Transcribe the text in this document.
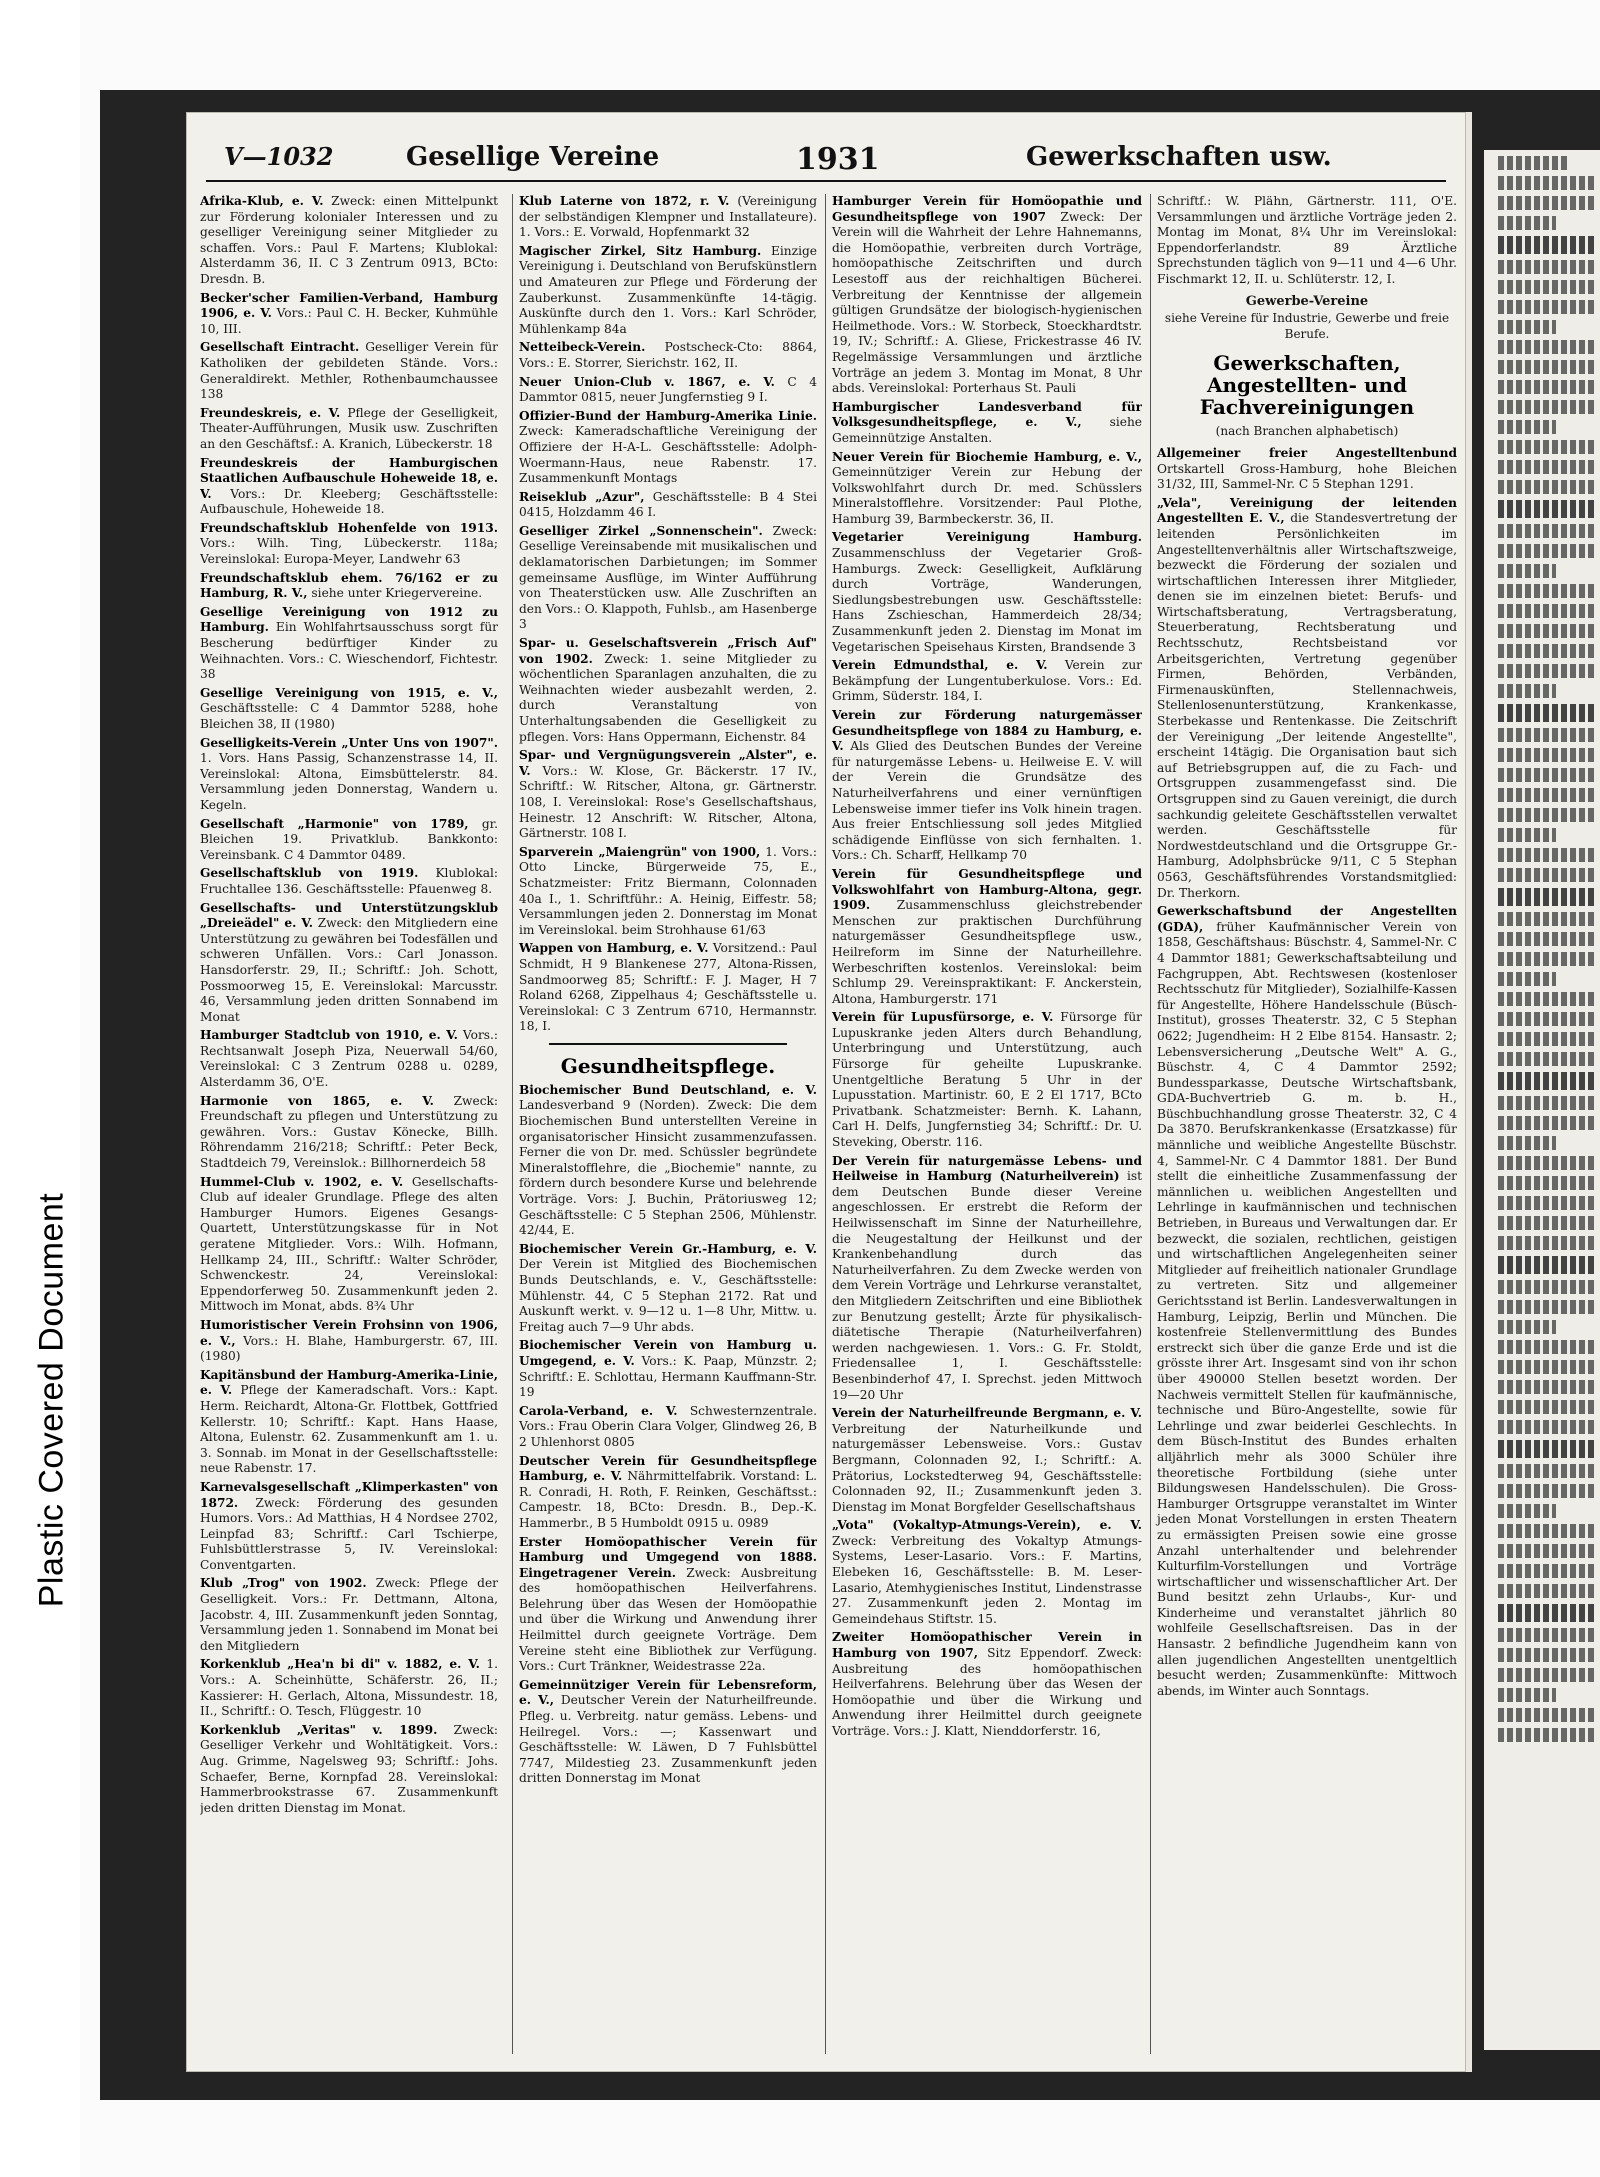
Plastic Covered Document
V—1032	Gesellige Vereine	1931	Gewerkschaften usw.

Afrika-Klub, e. V. Zweck: einen Mittelpunkt zur Förderung kolonialer Interessen und zu geselliger Vereinigung seiner Mitglieder zu schaffen. Vors.: Paul F. Martens; Klublokal: Alsterdamm 36, II. C 3 Zentrum 0913, BCto: Dresdn. B.

Becker'scher Familien-Verband, Hamburg 1906, e. V. Vors.: Paul C. H. Becker, Kuhmühle 10, III.

Gesellschaft Eintracht. Geselliger Verein für Katholiken der gebildeten Stände. Vors.: Generaldirekt. Methler, Rothenbaumchaussee 138

Freundeskreis, e. V. Pflege der Geselligkeit, Theater-Aufführungen, Musik usw. Zuschriften an den Geschäftsf.: A. Kranich, Lübeckerstr. 18

Freundeskreis der Hamburgischen Staatlichen Aufbauschule Hoheweide 18, e. V. Vors.: Dr. Kleeberg; Geschäftsstelle: Aufbauschule, Hoheweide 18.

Freundschaftsklub Hohenfelde von 1913. Vors.: Wilh. Ting, Lübeckerstr. 118a; Vereinslokal: Europa-Meyer, Landwehr 63

Freundschaftsklub ehem. 76/162 er zu Hamburg, R. V., siehe unter Kriegervereine.

Gesellige Vereinigung von 1912 zu Hamburg. Ein Wohlfahrtsausschuss sorgt für Bescherung bedürftiger Kinder zu Weihnachten. Vors.: C. Wieschendorf, Fichtestr. 38

Gesellige Vereinigung von 1915, e. V., Geschäftsstelle: C 4 Dammtor 5288, hohe Bleichen 38, II (1980)

Geselligkeits-Verein „Unter Uns von 1907". 1. Vors. Hans Passig, Schanzenstrasse 14, II. Vereinslokal: Altona, Eimsbüttelerstr. 84. Versammlung jeden Donnerstag, Wandern u. Kegeln.

Gesellschaft „Harmonie" von 1789, gr. Bleichen 19. Privatklub. Bankkonto: Vereinsbank. C 4 Dammtor 0489.

Gesellschaftsklub von 1919. Klublokal: Fruchtallee 136. Geschäftsstelle: Pfauenweg 8.

Gesellschafts- und Unterstützungsklub „Dreieädel" e. V. Zweck: den Mitgliedern eine Unterstützung zu gewähren bei Todesfällen und schweren Unfällen. Vors.: Carl Jonasson. Hansdorferstr. 29, II.; Schriftf.: Joh. Schott, Possmoorweg 15, E. Vereinslokal: Marcusstr. 46, Versammlung jeden dritten Sonnabend im Monat

Hamburger Stadtclub von 1910, e. V. Vors.: Rechtsanwalt Joseph Piza, Neuerwall 54/60, Vereinslokal: C 3 Zentrum 0288 u. 0289, Alsterdamm 36, O'E.

Harmonie von 1865, e. V. Zweck: Freundschaft zu pflegen und Unterstützung zu gewähren. Vors.: Gustav Könecke, Billh. Röhrendamm 216/218; Schriftf.: Peter Beck, Stadtdeich 79, Vereinslok.: Billhornerdeich 58

Hummel-Club v. 1902, e. V. Gesellschafts-Club auf idealer Grundlage. Pflege des alten Hamburger Humors. Eigenes Gesangs-Quartett, Unterstützungskasse für in Not geratene Mitglieder. Vors.: Wilh. Hofmann, Hellkamp 24, III., Schriftf.: Walter Schröder, Schwenckestr. 24, Vereinslokal: Eppendorferweg 50. Zusammenkunft jeden 2. Mittwoch im Monat, abds. 8¾ Uhr

Humoristischer Verein Frohsinn von 1906, e. V., Vors.: H. Blahe, Hamburgerstr. 67, III. (1980)

Kapitänsbund der Hamburg-Amerika-Linie, e. V. Pflege der Kameradschaft. Vors.: Kapt. Herm. Reichardt, Altona-Gr. Flottbek, Gottfried Kellerstr. 10; Schriftf.: Kapt. Hans Haase, Altona, Eulenstr. 62. Zusammenkunft am 1. u. 3. Sonnab. im Monat in der Gesellschaftsstelle: neue Rabenstr. 17.

Karnevalsgesellschaft „Klimperkasten" von 1872. Zweck: Förderung des gesunden Humors. Vors.: Ad Matthias, H 4 Nordsee 2702, Leinpfad 83; Schriftf.: Carl Tschierpe, Fuhlsbüttlerstrasse 5, IV. Vereinslokal: Conventgarten.

Klub „Trog" von 1902. Zweck: Pflege der Geselligkeit. Vors.: Fr. Dettmann, Altona, Jacobstr. 4, III. Zusammenkunft jeden Sonntag, Versammlung jeden 1. Sonnabend im Monat bei den Mitgliedern

Korkenklub „Hea'n bi di" v. 1882, e. V. 1. Vors.: A. Scheinhütte, Schäferstr. 26, II.; Kassierer: H. Gerlach, Altona, Missundestr. 18, II., Schriftf.: O. Tesch, Flüggestr. 10

Korkenklub „Veritas" v. 1899. Zweck: Geselliger Verkehr und Wohltätigkeit. Vors.: Aug. Grimme, Nagelsweg 93; Schriftf.: Johs. Schaefer, Berne, Kornpfad 28. Vereinslokal: Hammerbrookstrasse 67. Zusammenkunft jeden dritten Dienstag im Monat.

Klub Laterne von 1872, r. V. (Vereinigung der selbständigen Klempner und Installateure). 1. Vors.: E. Vorwald, Hopfenmarkt 32

Magischer Zirkel, Sitz Hamburg. Einzige Vereinigung i. Deutschland von Berufskünstlern und Amateuren zur Pflege und Förderung der Zauberkunst. Zusammenkünfte 14-tägig. Auskünfte durch den 1. Vors.: Karl Schröder, Mühlenkamp 84a

Netteibeck-Verein. Postscheck-Cto: 8864, Vors.: E. Storrer, Sierichstr. 162, II.

Neuer Union-Club v. 1867, e. V. C 4 Dammtor 0815, neuer Jungfernstieg 9 I.

Offizier-Bund der Hamburg-Amerika Linie. Zweck: Kameradschaftliche Vereinigung der Offiziere der H-A-L. Geschäftsstelle: Adolph-Woermann-Haus, neue Rabenstr. 17. Zusammenkunft Montags

Reiseklub „Azur", Geschäftsstelle: B 4 Stei 0415, Holzdamm 46 I.

Geselliger Zirkel „Sonnenschein". Zweck: Gesellige Vereinsabende mit musikalischen und deklamatorischen Darbietungen; im Sommer gemeinsame Ausflüge, im Winter Aufführung von Theaterstücken usw. Alle Zuschriften an den Vors.: O. Klappoth, Fuhlsb., am Hasenberge 3

Spar- u. Geselschaftsverein „Frisch Auf" von 1902. Zweck: 1. seine Mitglieder zu wöchentlichen Sparanlagen anzuhalten, die zu Weihnachten wieder ausbezahlt werden, 2. durch Veranstaltung von Unterhaltungsabenden die Geselligkeit zu pflegen. Vors: Hans Oppermann, Eichenstr. 84

Spar- und Vergnügungsverein „Alster", e. V. Vors.: W. Klose, Gr. Bäckerstr. 17 IV., Schriftf.: W. Ritscher, Altona, gr. Gärtnerstr. 108, I. Vereinslokal: Rose's Gesellschaftshaus, Heinestr. 12 Anschrift: W. Ritscher, Altona, Gärtnerstr. 108 I.

Sparverein „Maiengrün" von 1900, 1. Vors.: Otto Lincke, Bürgerweide 75, E., Schatzmeister: Fritz Biermann, Colonnaden 40a I., 1. Schriftführ.: A. Heinig, Eiffestr. 58; Versammlungen jeden 2. Donnerstag im Monat im Vereinslokal. beim Strohhause 61/63

Wappen von Hamburg, e. V. Vorsitzend.: Paul Schmidt, H 9 Blankenese 277, Altona-Rissen, Sandmoorweg 85; Schriftf.: F. J. Mager, H 7 Roland 6268, Zippelhaus 4; Geschäftsstelle u. Vereinslokal: C 3 Zentrum 6710, Hermannstr. 18, I.

Gesundheitspflege.

Biochemischer Bund Deutschland, e. V. Landesverband 9 (Norden). Zweck: Die dem Biochemischen Bund unterstellten Vereine in organisatorischer Hinsicht zusammenzufassen. Ferner die von Dr. med. Schüssler begründete Mineralstofflehre, die „Biochemie" nannte, zu fördern durch besondere Kurse und belehrende Vorträge. Vors: J. Buchin, Prätoriusweg 12; Geschäftsstelle: C 5 Stephan 2506, Mühlenstr. 42/44, E.

Biochemischer Verein Gr.-Hamburg, e. V. Der Verein ist Mitglied des Biochemischen Bunds Deutschlands, e. V., Geschäftsstelle: Mühlenstr. 44, C 5 Stephan 2172. Rat und Auskunft werkt. v. 9—12 u. 1—8 Uhr, Mittw. u. Freitag auch 7—9 Uhr abds.

Biochemischer Verein von Hamburg u. Umgegend, e. V. Vors.: K. Paap, Münzstr. 2; Schriftf.: E. Schlottau, Hermann Kauffmann-Str. 19

Carola-Verband, e. V. Schwesternzentrale. Vors.: Frau Oberin Clara Volger, Glindweg 26, B 2 Uhlenhorst 0805

Deutscher Verein für Gesundheitspflege Hamburg, e. V. Nährmittelfabrik. Vorstand: L. R. Conradi, H. Roth, F. Reinken, Geschäftsst.: Campestr. 18, BCto: Dresdn. B., Dep.-K. Hammerbr., B 5 Humboldt 0915 u. 0989

Erster Homöopathischer Verein für Hamburg und Umgegend von 1888. Eingetragener Verein. Zweck: Ausbreitung des homöopathischen Heilverfahrens. Belehrung über das Wesen der Homöopathie und über die Wirkung und Anwendung ihrer Heilmittel durch geeignete Vorträge. Dem Vereine steht eine Bibliothek zur Verfügung. Vors.: Curt Tränkner, Weidestrasse 22a.

Gemeinnütziger Verein für Lebensreform, e. V., Deutscher Verein der Naturheilfreunde. Pfleg. u. Verbreitg. natur gemäss. Lebens- und Heilregel. Vors.: —; Kassenwart und Geschäftsstelle: W. Läwen, D 7 Fuhlsbüttel 7747, Mildestieg 23. Zusammenkunft jeden dritten Donnerstag im Monat

Hamburger Verein für Homöopathie und Gesundheitspflege von 1907 Zweck: Der Verein will die Wahrheit der Lehre Hahnemanns, die Homöopathie, verbreiten durch Vorträge, homöopathische Zeitschriften und durch Lesestoff aus der reichhaltigen Bücherei. Verbreitung der Kenntnisse der allgemein gültigen Grundsätze der biologisch-hygienischen Heilmethode. Vors.: W. Storbeck, Stoeckhardtstr. 19, IV.; Schriftf.: A. Gliese, Frickestrasse 46 IV. Regelmässige Versammlungen und ärztliche Vorträge an jedem 3. Montag im Monat, 8 Uhr abds. Vereinslokal: Porterhaus St. Pauli

Hamburgischer Landesverband für Volksgesundheitspflege, e. V., siehe Gemeinnützige Anstalten.

Neuer Verein für Biochemie Hamburg, e. V., Gemeinnütziger Verein zur Hebung der Volkswohlfahrt durch Dr. med. Schüsslers Mineralstofflehre. Vorsitzender: Paul Plothe, Hamburg 39, Barmbeckerstr. 36, II.

Vegetarier Vereinigung Hamburg. Zusammenschluss der Vegetarier Groß-Hamburgs. Zweck: Geselligkeit, Aufklärung durch Vorträge, Wanderungen, Siedlungsbestrebungen usw. Geschäftsstelle: Hans Zschieschan, Hammerdeich 28/34; Zusammenkunft jeden 2. Dienstag im Monat im Vegetarischen Speisehaus Kirsten, Brandsende 3

Verein Edmundsthal, e. V. Verein zur Bekämpfung der Lungentuberkulose. Vors.: Ed. Grimm, Süderstr. 184, I.

Verein zur Förderung naturgemässer Gesundheitspflege von 1884 zu Hamburg, e. V. Als Glied des Deutschen Bundes der Vereine für naturgemässe Lebens- u. Heilweise E. V. will der Verein die Grundsätze des Naturheilverfahrens und einer vernünftigen Lebensweise immer tiefer ins Volk hinein tragen. Aus freier Entschliessung soll jedes Mitglied schädigende Einflüsse von sich fernhalten. 1. Vors.: Ch. Scharff, Hellkamp 70

Verein für Gesundheitspflege und Volkswohlfahrt von Hamburg-Altona, gegr. 1909. Zusammenschluss gleichstrebender Menschen zur praktischen Durchführung naturgemässer Gesundheitspflege usw., Heilreform im Sinne der Naturheillehre. Werbeschriften kostenlos. Vereinslokal: beim Schlump 29. Vereinspraktikant: F. Anckerstein, Altona, Hamburgerstr. 171

Verein für Lupusfürsorge, e. V. Fürsorge für Lupuskranke jeden Alters durch Behandlung, Unterbringung und Unterstützung, auch Fürsorge für geheilte Lupuskranke. Unentgeltliche Beratung 5 Uhr in der Lupusstation. Martinistr. 60, E 2 El 1717, BCto Privatbank. Schatzmeister: Bernh. K. Lahann, Carl H. Delfs, Jungfernstieg 34; Schriftf.: Dr. U. Steveking, Oberstr. 116.

Der Verein für naturgemässe Lebens- und Heilweise in Hamburg (Naturheilverein) ist dem Deutschen Bunde dieser Vereine angeschlossen. Er erstrebt die Reform der Heilwissenschaft im Sinne der Naturheillehre, die Neugestaltung der Heilkunst und der Krankenbehandlung durch das Naturheilverfahren. Zu dem Zwecke werden von dem Verein Vorträge und Lehrkurse veranstaltet, den Mitgliedern Zeitschriften und eine Bibliothek zur Benutzung gestellt; Ärzte für physikalisch-diätetische Therapie (Naturheilverfahren) werden nachgewiesen. 1. Vors.: G. Fr. Stoldt, Friedensallee 1, I. Geschäftsstelle: Besenbinderhof 47, I. Sprechst. jeden Mittwoch 19—20 Uhr

Verein der Naturheilfreunde Bergmann, e. V. Verbreitung der Naturheilkunde und naturgemässer Lebensweise. Vors.: Gustav Bergmann, Colonnaden 92, I.; Schriftf.: A. Prätorius, Lockstedterweg 94, Geschäftsstelle: Colonnaden 92, II.; Zusammenkunft jeden 3. Dienstag im Monat Borgfelder Gesellschaftshaus

„Vota" (Vokaltyp-Atmungs-Verein), e. V. Zweck: Verbreitung des Vokaltyp Atmungs-Systems, Leser-Lasario. Vors.: F. Martins, Elebeken 16, Geschäftsstelle: B. M. Leser-Lasario, Atemhygienisches Institut, Lindenstrasse 27. Zusammenkunft jeden 2. Montag im Gemeindehaus Stiftstr. 15.

Zweiter Homöopathischer Verein in Hamburg von 1907, Sitz Eppendorf. Zweck: Ausbreitung des homöopathischen Heilverfahrens. Belehrung über das Wesen der Homöopathie und über die Wirkung und Anwendung ihrer Heilmittel durch geeignete Vorträge. Vors.: J. Klatt, Nienddorferstr. 16,

Schriftf.: W. Plähn, Gärtnerstr. 111, O'E. Versammlungen und ärztliche Vorträge jeden 2. Montag im Monat, 8¼ Uhr im Vereinslokal: Eppendorferlandstr. 89 Ärztliche Sprechstunden täglich von 9—11 und 4—6 Uhr. Fischmarkt 12, II. u. Schlüterstr. 12, I.

Gewerbe-Vereine
siehe Vereine für Industrie, Gewerbe und freie Berufe.
Gewerkschaften, Angestellten- und Fachvereinigungen
(nach Branchen alphabetisch)

Allgemeiner freier Angestelltenbund Ortskartell Gross-Hamburg, hohe Bleichen 31/32, III, Sammel-Nr. C 5 Stephan 1291.

„Vela", Vereinigung der leitenden Angestellten E. V., die Standesvertretung der leitenden Persönlichkeiten im Angestelltenverhältnis aller Wirtschaftszweige, bezweckt die Förderung der sozialen und wirtschaftlichen Interessen ihrer Mitglieder, denen sie im einzelnen bietet: Berufs- und Wirtschaftsberatung, Vertragsberatung, Steuerberatung, Rechtsberatung und Rechtsschutz, Rechtsbeistand vor Arbeitsgerichten, Vertretung gegenüber Firmen, Behörden, Verbänden, Firmenauskünften, Stellennachweis, Stellenlosenunterstützung, Krankenkasse, Sterbekasse und Rentenkasse. Die Zeitschrift der Vereinigung „Der leitende Angestellte", erscheint 14tägig. Die Organisation baut sich auf Betriebsgruppen auf, die zu Fach- und Ortsgruppen zusammengefasst sind. Die Ortsgruppen sind zu Gauen vereinigt, die durch sachkundig geleitete Geschäftsstellen verwaltet werden. Geschäftsstelle für Nordwestdeutschland und die Ortsgruppe Gr.-Hamburg, Adolphsbrücke 9/11, C 5 Stephan 0563, Geschäftsführendes Vorstandsmitglied: Dr. Therkorn.

Gewerkschaftsbund der Angestellten (GDA), früher Kaufmännischer Verein von 1858, Geschäftshaus: Büschstr. 4, Sammel-Nr. C 4 Dammtor 1881; Gewerkschaftsabteilung und Fachgruppen, Abt. Rechtswesen (kostenloser Rechtsschutz für Mitglieder), Sozialhilfe-Kassen für Angestellte, Höhere Handelsschule (Büsch-Institut), grosses Theaterstr. 32, C 5 Stephan 0622; Jugendheim: H 2 Elbe 8154. Hansastr. 2; Lebensversicherung „Deutsche Welt" A. G., Büschstr. 4, C 4 Dammtor 2592; Bundessparkasse, Deutsche Wirtschaftsbank, GDA-Buchvertrieb G. m. b. H., Büschbuchhandlung grosse Theaterstr. 32, C 4 Da 3870. Berufskrankenkasse (Ersatzkasse) für männliche und weibliche Angestellte Büschstr. 4, Sammel-Nr. C 4 Dammtor 1881. Der Bund stellt die einheitliche Zusammenfassung der männlichen u. weiblichen Angestellten und Lehrlinge in kaufmännischen und technischen Betrieben, in Bureaus und Verwaltungen dar. Er bezweckt, die sozialen, rechtlichen, geistigen und wirtschaftlichen Angelegenheiten seiner Mitglieder auf freiheitlich nationaler Grundlage zu vertreten. Sitz und allgemeiner Gerichtsstand ist Berlin. Landesverwaltungen in Hamburg, Leipzig, Berlin und München. Die kostenfreie Stellenvermittlung des Bundes erstreckt sich über die ganze Erde und ist die grösste ihrer Art. Insgesamt sind von ihr schon über 490000 Stellen besetzt worden. Der Nachweis vermittelt Stellen für kaufmännische, technische und Büro-Angestellte, sowie für Lehrlinge und zwar beiderlei Geschlechts. In dem Büsch-Institut des Bundes erhalten alljährlich mehr als 3000 Schüler ihre theoretische Fortbildung (siehe unter Bildungswesen Handelsschulen). Die Gross-Hamburger Ortsgruppe veranstaltet im Winter jeden Monat Vorstellungen in ersten Theatern zu ermässigten Preisen sowie eine grosse Anzahl unterhaltender und belehrender Kulturfilm-Vorstellungen und Vorträge wirtschaftlicher und wissenschaftlicher Art. Der Bund besitzt zehn Urlaubs-, Kur- und Kinderheime und veranstaltet jährlich 80 wohlfeile Gesellschaftsreisen. Das in der Hansastr. 2 befindliche Jugendheim kann von allen jugendlichen Angestellten unentgeltlich besucht werden; Zusammenkünfte: Mittwoch abends, im Winter auch Sonntags.
